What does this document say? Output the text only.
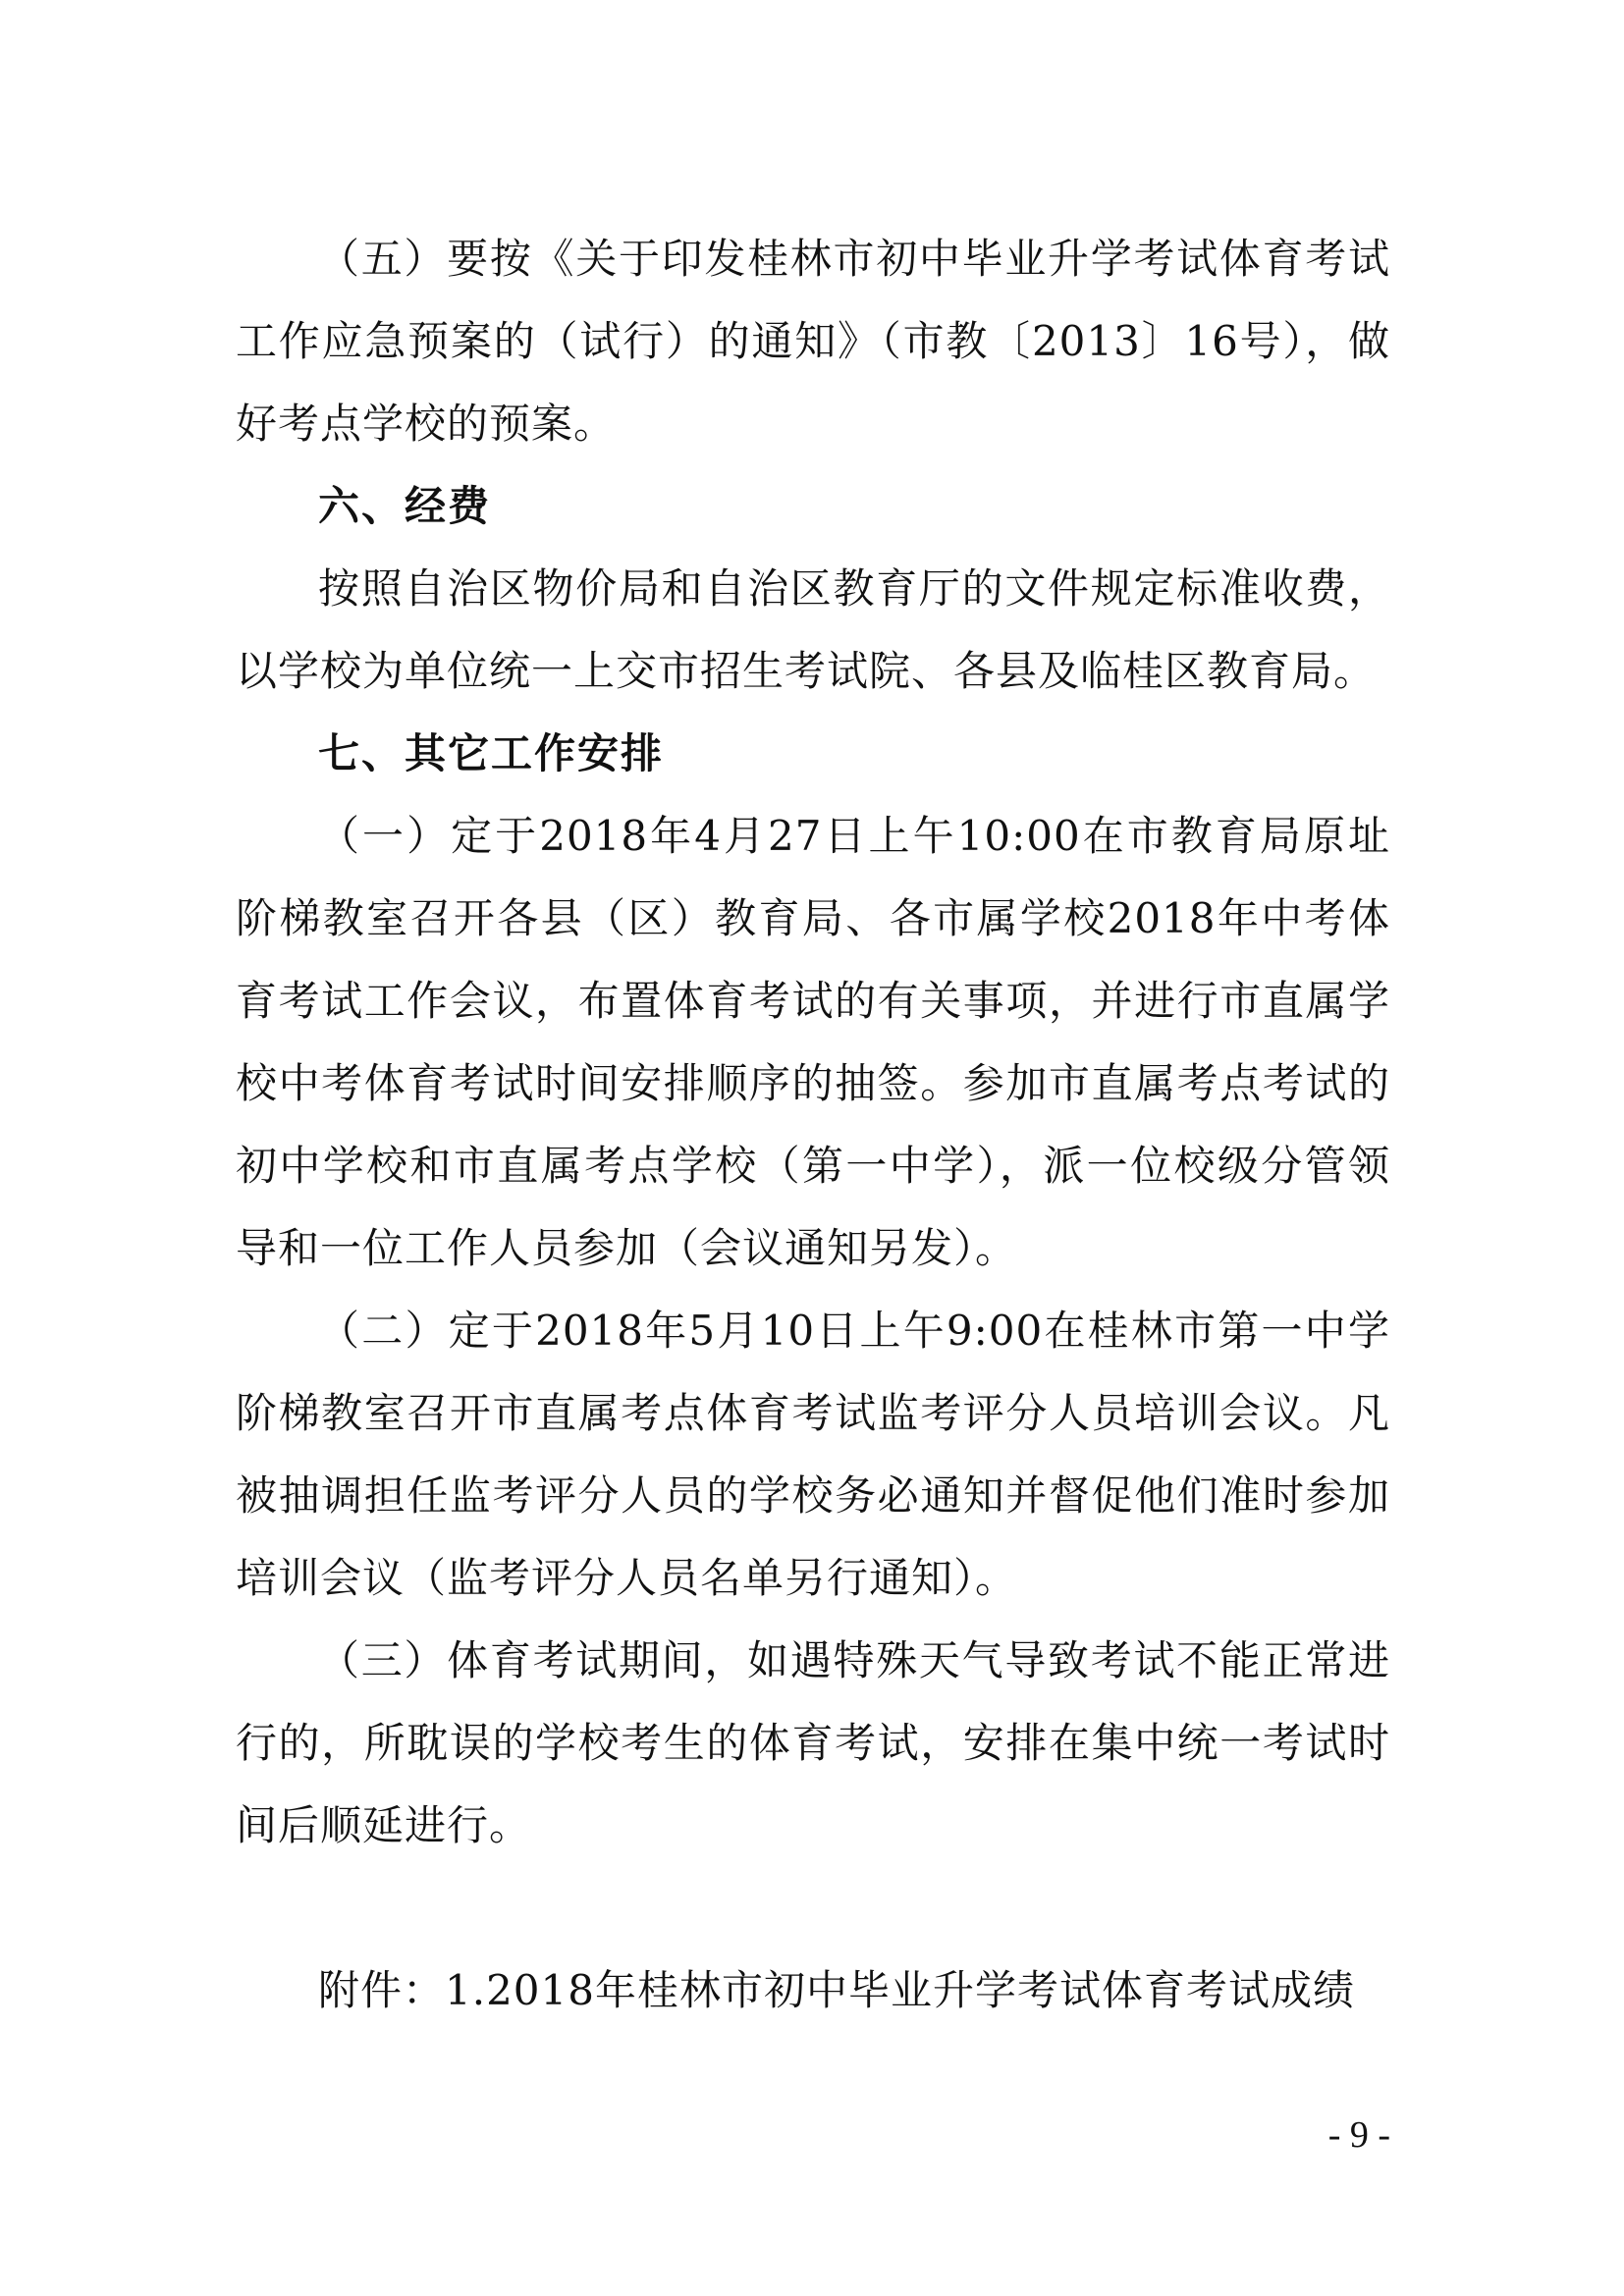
（五）要按《关于印发桂林市初中毕业升学考试体育考试工作应急预案的（试行）的通知》（市教〔2013〕16号），做好考点学校的预案。

六、经费

按照自治区物价局和自治区教育厅的文件规定标准收费，以学校为单位统一上交市招生考试院、各县及临桂区教育局。

七、其它工作安排

（一）定于2018年4月27日上午10:00在市教育局原址阶梯教室召开各县（区）教育局、各市属学校2018年中考体育考试工作会议，布置体育考试的有关事项，并进行市直属学校中考体育考试时间安排顺序的抽签。参加市直属考点考试的初中学校和市直属考点学校（第一中学），派一位校级分管领导和一位工作人员参加（会议通知另发）。

（二）定于2018年5月10日上午9:00在桂林市第一中学阶梯教室召开市直属考点体育考试监考评分人员培训会议。凡被抽调担任监考评分人员的学校务必通知并督促他们准时参加培训会议（监考评分人员名单另行通知）。

（三）体育考试期间，如遇特殊天气导致考试不能正常进行的，所耽误的学校考生的体育考试，安排在集中统一考试时间后顺延进行。

附件：1.2018年桂林市初中毕业升学考试体育考试成绩

- 9 -
